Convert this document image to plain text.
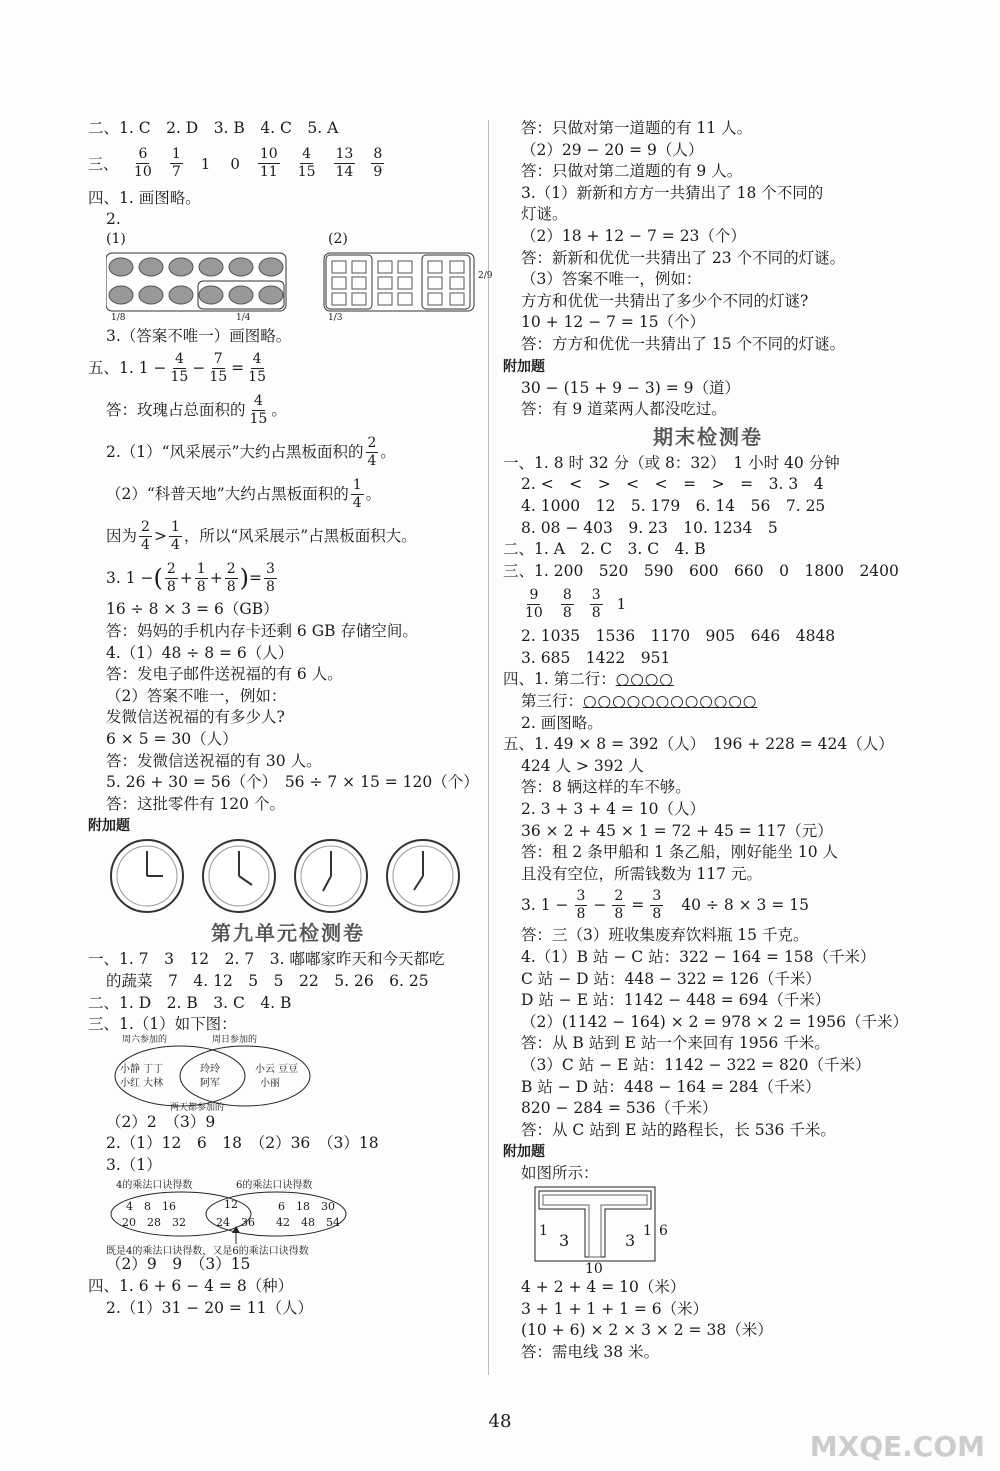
二、1. C　2. D　3. B　4. C　5. A
三、 $\frac{6}{10} \frac{1}{7} 1$ $0 \frac{10}{11} \frac{4}{15} \frac{13}{14} \frac{8}{9}$
四、1. 画图略。
2.
(1)	(2)
1/8	1/4	1/3
2/9
3.（答案不唯一）画图略。
五、1. $1 - \frac{4}{15} - \frac{7}{15} = \frac{4}{15}$
答：玫瑰占总面积的 $\frac{4}{15}$ 。
2.（1）“风采展示”大约占黑板面积的 $\frac{2}{4}$ 。
（2）“科普天地”大约占黑板面积的 $\frac{1}{4}$ 。
因为 $\frac{2}{4} > \frac{1}{4}$ ，所以“风采展示”占黑板面积大。
3. 1 − ( $\frac{2}{8} + \frac{1}{8} + \frac{2}{8}$ ) = $\frac{3}{8}$
16 ÷ 8 × 3 = 6（GB）
答：妈妈的手机内存卡还剩 6 GB 存储空间。
4.（1）48 ÷ 8 = 6（人）
答：发电子邮件送祝福的有 6 人。
（2）答案不唯一，例如：
发微信送祝福的有多少人?
6 × 5 = 30（人）
答：发微信送祝福的有 30 人。
5. 26 + 30 = 56（个）　56 ÷ 7 × 15 = 120（个）
答：这批零件有 120 个。
附加题
第九单元检测卷
一、1. 7　3　12　2. 7　3. 嘟嘟家昨天和今天都吃
的蔬菜　7　4. 12　5　5　22　5. 26　6. 25
二、1. D　2. B　3. C　4. B
三、1.（1）如下图：
周六参加的	周日参加的
小静 丁丁
小红 大林
玲玲
阿军
小云 豆豆
小丽
两天都参加的
（2）2　（3）9
2.（1）12　6　18　（2）36　（3）18
3.（1）
4的乘法口诀得数	6的乘法口诀得数
4　8　16
20　28　32
12
24　36
6　18　30
42　48　54
既是4的乘法口诀得数，又是6的乘法口诀得数
（2）9　9　（3）15
四、1. 6 + 6 − 4 = 8（种）
2.（1）31 − 20 = 11（人）
答：只做对第一道题的有 11 人。
（2）29 − 20 = 9（人）
答：只做对第二道题的有 9 人。
3.（1）新新和方方一共猜出了 18 个不同的
灯谜。
（2）18 + 12 − 7 = 23（个）
答：新新和优优一共猜出了 23 个不同的灯谜。
（3）答案不唯一，例如：
方方和优优一共猜出了多少个不同的灯谜?
10 + 12 − 7 = 15（个）
答：方方和优优一共猜出了 15 个不同的灯谜。
附加题
30 − (15 + 9 − 3) = 9（道）
答：有 9 道菜两人都没吃过。
期末检测卷
一、1. 8 时 32 分（或 8：32）　1 小时 40 分钟
2. <　<　>　<　<　=　>　=　3. 3　4
4. 1000　12　5. 179　6. 14　56　7. 25
8. 08 − 403　9. 23　10. 1234　5
二、1. A　2. C　3. C　4. B
三、1. 200　520　590　600　660　0　1800　2400
$\frac{9}{10} \frac{8}{8} \frac{3}{8} 1$
2. 1035　1536　1170　905　646　4848
3. 685　1422　951
四、1. 第二行：○○○○
第三行：○○○○○○○○○○○○
2. 画图略。
五、1. 49 × 8 = 392（人）　196 + 228 = 424（人）
424 人 > 392 人
答：8 辆这样的车不够。
2. 3 + 3 + 4 = 10（人）
36 × 2 + 45 × 1 = 72 + 45 = 117（元）
答：租 2 条甲船和 1 条乙船，刚好能坐 10 人
且没有空位，所需钱数为 117 元。
3. $1 - \frac{3}{8} - \frac{2}{8} = \frac{3}{8} 40 \div 8 \times 3 = 15$
答：三（3）班收集废弃饮料瓶 15 千克。
4.（1）B 站 − C 站：322 − 164 = 158（千米）
C 站 − D 站：448 − 322 = 126（千米）
D 站 − E 站：1142 − 448 = 694（千米）
（2）(1142 − 164) × 2 = 978 × 2 = 1956（千米）
答：从 B 站到 E 站一个来回有 1956 千米。
（3）C 站 − E 站：1142 − 322 = 820（千米）
B 站 − D 站：448 − 164 = 284（千米）
820 − 284 = 536（千米）
答：从 C 站到 E 站的路程长，长 536 千米。
附加题
如图所示：
1 3	3 1 6
10
4 + 2 + 4 = 10（米）
3 + 1 + 1 + 1 = 6（米）
(10 + 6) × 2 × 3 × 2 = 38（米）
答：需电线 38 米。
48
MXQE.COM
